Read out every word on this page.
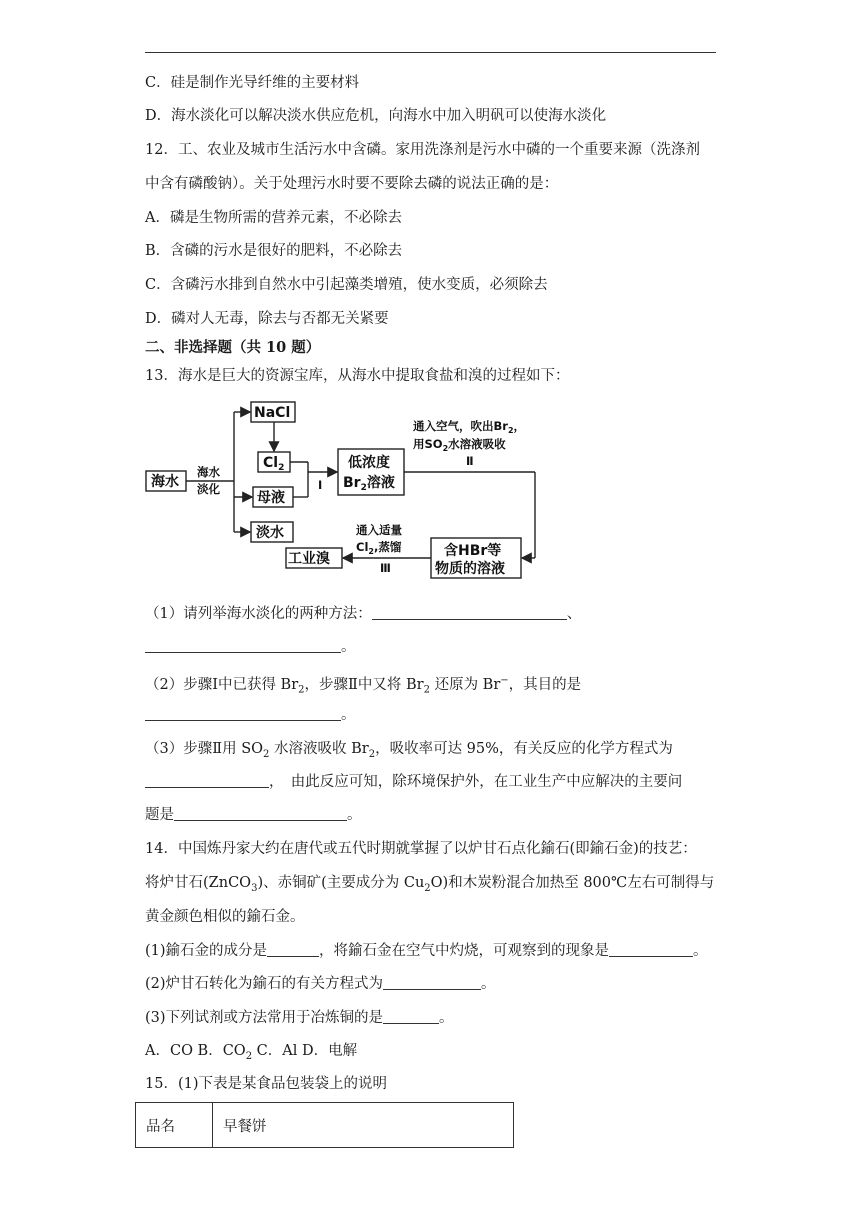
C．硅是制作光导纤维的主要材料
D．海水淡化可以解决淡水供应危机，向海水中加入明矾可以使海水淡化
12．工、农业及城市生活污水中含磷。家用洗涤剂是污水中磷的一个重要来源（洗涤剂
中含有磷酸钠）。关于处理污水时要不要除去磷的说法正确的是：
A．磷是生物所需的营养元素，不必除去
B．含磷的污水是很好的肥料，不必除去
C．含磷污水排到自然水中引起藻类增殖，使水变质，必须除去
D．磷对人无毒，除去与否都无关紧要
二、非选择题（共 10 题）
13．海水是巨大的资源宝库，从海水中提取食盐和溴的过程如下：
海水
NaCl
$Cl_2$
母液
淡水
低浓度
$Br_2$溶液
含HBr等
物质的溶液
工业溴
海水
淡化	Ⅰ
通入空气，吹出$Br_2$，
用$SO_2$水溶液吸收
Ⅱ
通入适量
$Cl_2$,蒸馏
Ⅲ
（1）请列举海水淡化的两种方法：	、
。
（2）步骤Ⅰ中已获得 $Br_2$，步骤Ⅱ中又将 $Br_2$ 还原为 Br−，其目的是
。
（3）步骤Ⅱ用 $SO_2$ 水溶液吸收 $Br_2$，吸收率可达 95%，有关反应的化学方程式为
，　由此反应可知，除环境保护外，在工业生产中应解决的主要问
题是	。
14．中国炼丹家大约在唐代或五代时期就掌握了以炉甘石点化鍮石(即鍮石金)的技艺：
将炉甘石(ZnCO$_3$)、赤铜矿(主要成分为 $Cu_2O$)和木炭粉混合加热至 800℃左右可制得与
黄金颜色相似的鍮石金。
(1)鍮石金的成分是	，将鍮石金在空气中灼烧，可观察到的现象是	。
(2)炉甘石转化为鍮石的有关方程式为	。
(3)下列试剂或方法常用于冶炼铜的是	。
A．CO B．$CO_2$ C．Al D．电解
15．(1)下表是某食品包装袋上的说明
品名	早餐饼
